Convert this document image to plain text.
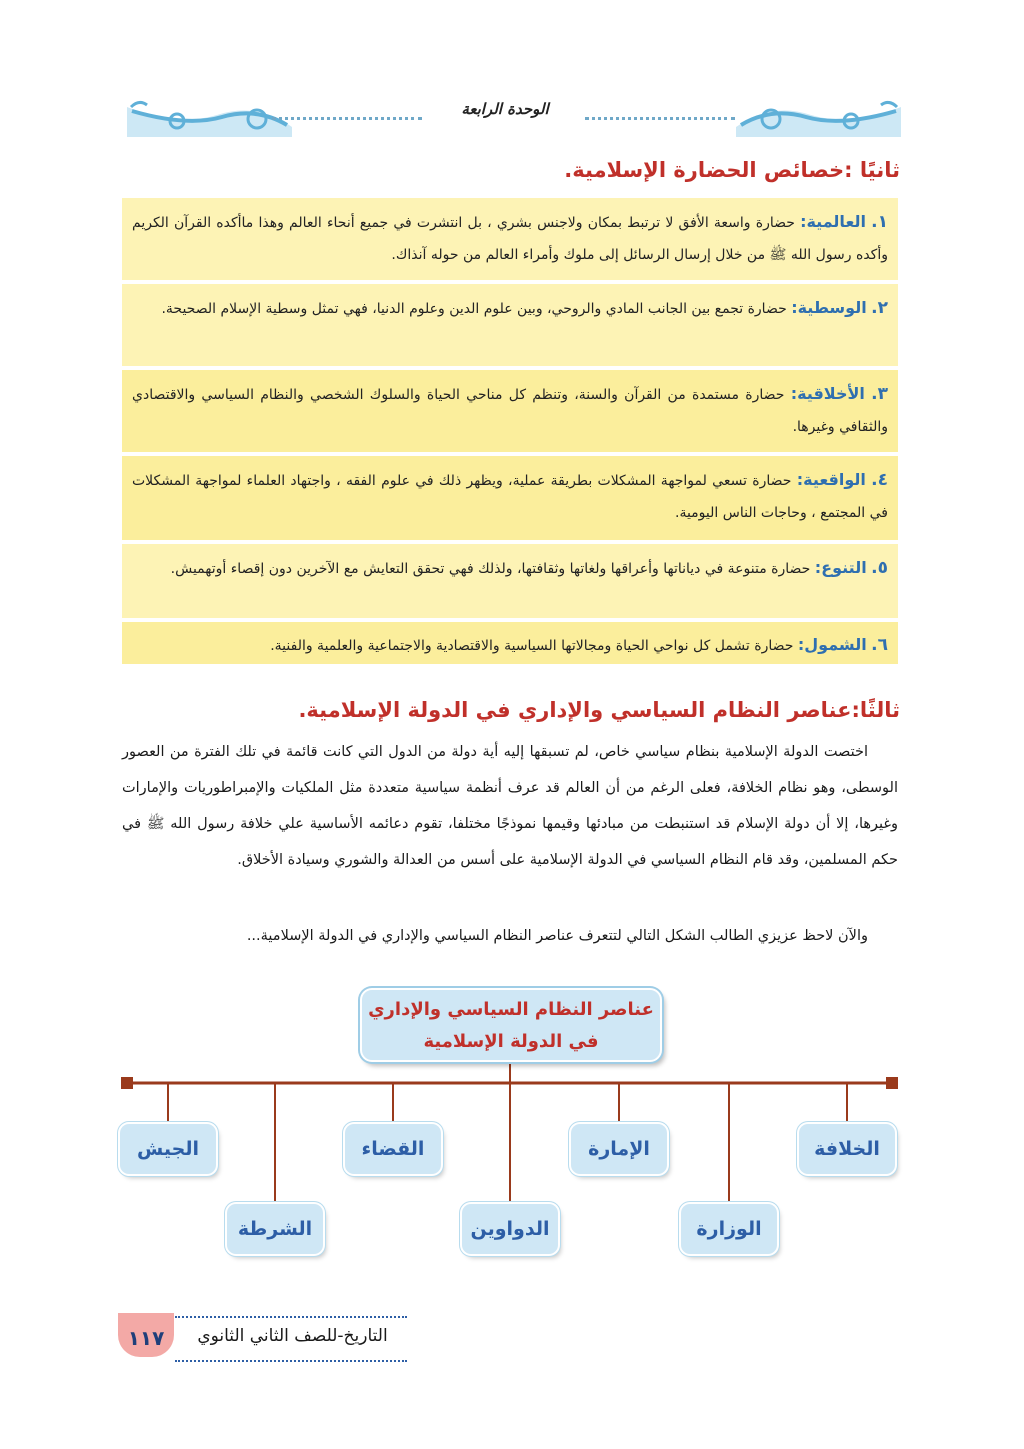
الوحدة الرابعة
ثانيًا :خصائص الحضارة الإسلامية.
١. العالمية: حضارة واسعة الأفق لا ترتبط بمكان ولاجنس بشري ، بل انتشرت في جميع أنحاء العالم وهذا ماأكده القرآن الكريم وأكده رسول الله ﷺ من خلال إرسال الرسائل إلى ملوك وأمراء العالم من حوله آنذاك.
٢. الوسطية: حضارة تجمع بين الجانب المادي والروحي، وبين علوم الدين وعلوم الدنيا، فهي تمثل وسطية الإسلام الصحيحة.
٣. الأخلاقية: حضارة مستمدة من القرآن والسنة، وتنظم كل مناحي الحياة والسلوك الشخصي والنظام السياسي والاقتصادي والثقافي وغيرها.
٤. الواقعية: حضارة تسعي لمواجهة المشكلات بطريقة عملية، ويظهر ذلك في علوم الفقه ، واجتهاد العلماء لمواجهة المشكلات في المجتمع ، وحاجات الناس اليومية.
٥. التنوع: حضارة متنوعة في دياناتها وأعراقها ولغاتها وثقافتها، ولذلك فهي تحقق التعايش مع الآخرين دون إقصاء أوتهميش.
٦. الشمول: حضارة تشمل كل نواحي الحياة ومجالاتها السياسية والاقتصادية والاجتماعية والعلمية والفنية.
ثالثًا:عناصر النظام السياسي والإداري في الدولة الإسلامية.

اختصت الدولة الإسلامية بنظام سياسي خاص، لم تسبقها إليه أية دولة من الدول التي كانت قائمة في تلك الفترة من العصور الوسطى، وهو نظام الخلافة، فعلى الرغم من أن العالم قد عرف أنظمة سياسية متعددة مثل الملكيات والإمبراطوريات والإمارات وغيرها، إلا أن دولة الإسلام قد استنبطت من مبادئها وقيمها نموذجًا مختلفا، تقوم دعائمه الأساسية علي خلافة رسول الله ﷺ في حكم المسلمين، وقد قام النظام السياسي في الدولة الإسلامية على أسس من العدالة والشوري وسيادة الأخلاق.

والآن لاحظ عزيزي الطالب الشكل التالي لتتعرف عناصر النظام السياسي والإداري في الدولة الإسلامية...

عناصر النظام السياسي والإداري
في الدولة الإسلامية
الخلافة
الإمارة
القضاء
الجيش
الوزارة
الدواوين
الشرطة
١١٧	التاريخ-للصف الثاني الثانوي
